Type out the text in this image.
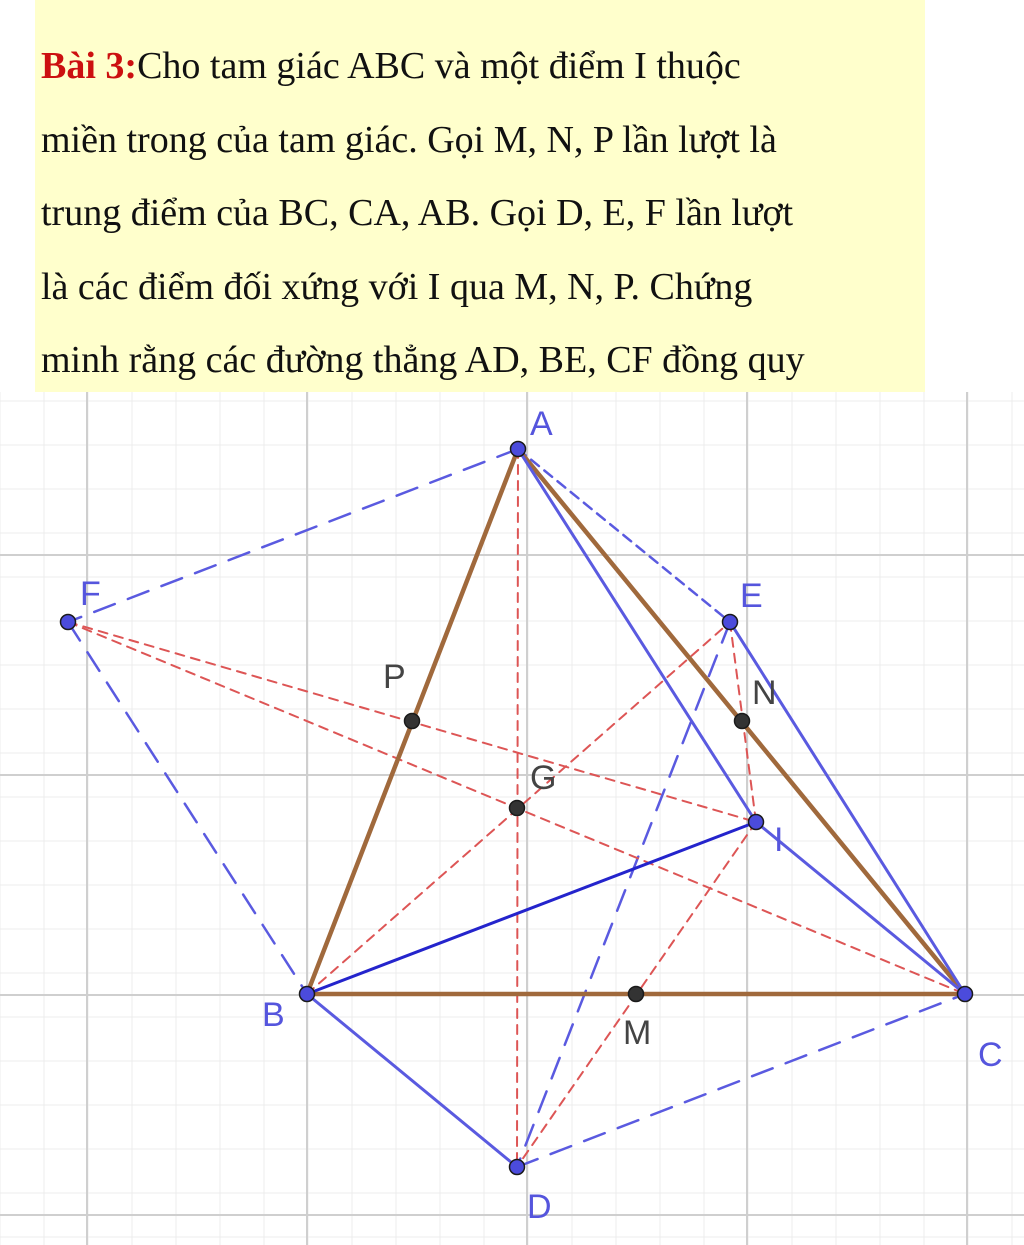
Bài 3:Cho tam giác ABC và một điểm I thuộc
miền trong của tam giác. Gọi M, N, P lần lượt là
trung điểm của BC, CA, AB. Gọi D, E, F lần lượt
là các điểm đối xứng với I qua M, N, P. Chứng
minh rằng các đường thẳng AD, BE, CF đồng quy
A
B
C
D
E
F
I
M
N
P
G
